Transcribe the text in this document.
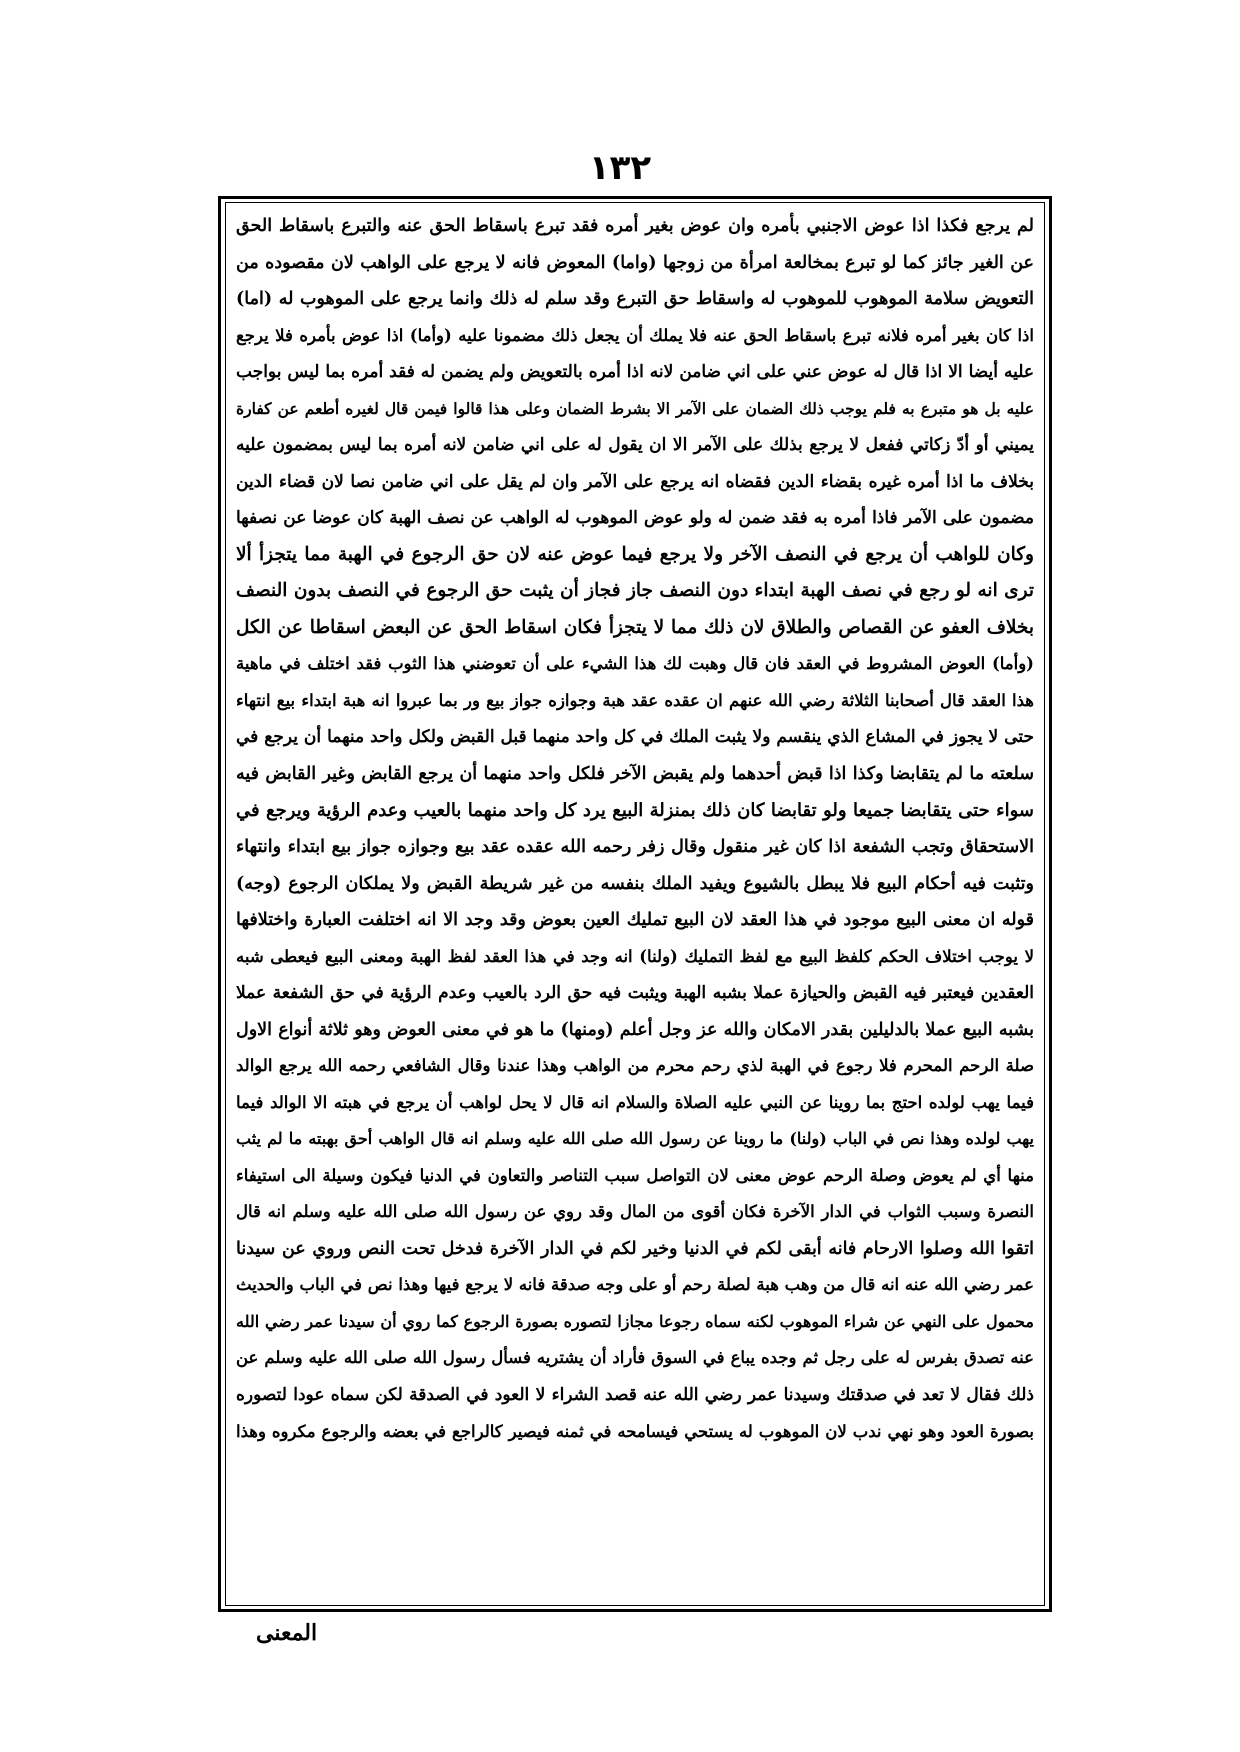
١٣٢
لم يرجع فكذا اذا عوض الاجنبي بأمره وان عوض بغير أمره فقد تبرع باسقاط الحق عنه والتبرع باسقاط الحق
عن الغير جائز كما لو تبرع بمخالعة امرأة من زوجها (واما) المعوض فانه لا يرجع على الواهب لان مقصوده من
التعويض سلامة الموهوب للموهوب له واسقاط حق التبرع وقد سلم له ذلك وانما يرجع على الموهوب له (اما)
اذا كان بغير أمره فلانه تبرع باسقاط الحق عنه فلا يملك أن يجعل ذلك مضمونا عليه (وأما) اذا عوض بأمره فلا يرجع
عليه أيضا الا اذا قال له عوض عني على اني ضامن لانه اذا أمره بالتعويض ولم يضمن له فقد أمره بما ليس بواجب
عليه بل هو متبرع به فلم يوجب ذلك الضمان على الآمر الا بشرط الضمان وعلى هذا قالوا فيمن قال لغيره أطعم عن كفارة
يميني أو أدّ زكاتي ففعل لا يرجع بذلك على الآمر الا ان يقول له على اني ضامن لانه أمره بما ليس بمضمون عليه
بخلاف ما اذا أمره غيره بقضاء الدين فقضاه انه يرجع على الآمر وان لم يقل على اني ضامن نصا لان قضاء الدين
مضمون على الآمر فاذا أمره به فقد ضمن له ولو عوض الموهوب له الواهب عن نصف الهبة كان عوضا عن نصفها
وكان للواهب أن يرجع في النصف الآخر ولا يرجع فيما عوض عنه لان حق الرجوع في الهبة مما يتجزأ ألا
ترى انه لو رجع في نصف الهبة ابتداء دون النصف جاز فجاز أن يثبت حق الرجوع في النصف بدون النصف
بخلاف العفو عن القصاص والطلاق لان ذلك مما لا يتجزأ فكان اسقاط الحق عن البعض اسقاطا عن الكل
(وأما) العوض المشروط في العقد فان قال وهبت لك هذا الشيء على أن تعوضني هذا الثوب فقد اختلف في ماهية
هذا العقد قال أصحابنا الثلاثة رضي الله عنهم ان عقده عقد هبة وجوازه جواز بيع ور بما عبروا انه هبة ابتداء بيع انتهاء
حتى لا يجوز في المشاع الذي ينقسم ولا يثبت الملك في كل واحد منهما قبل القبض ولكل واحد منهما أن يرجع في
سلعته ما لم يتقابضا وكذا اذا قبض أحدهما ولم يقبض الآخر فلكل واحد منهما أن يرجع القابض وغير القابض فيه
سواء حتى يتقابضا جميعا ولو تقابضا كان ذلك بمنزلة البيع يرد كل واحد منهما بالعيب وعدم الرؤية ويرجع في
الاستحقاق وتجب الشفعة اذا كان غير منقول وقال زفر رحمه الله عقده عقد بيع وجوازه جواز بيع ابتداء وانتهاء
وتثبت فيه أحكام البيع فلا يبطل بالشيوع ويفيد الملك بنفسه من غير شريطة القبض ولا يملكان الرجوع (وجه)
قوله ان معنى البيع موجود في هذا العقد لان البيع تمليك العين بعوض وقد وجد الا انه اختلفت العبارة واختلافها
لا يوجب اختلاف الحكم كلفظ البيع مع لفظ التمليك (ولنا) انه وجد في هذا العقد لفظ الهبة ومعنى البيع فيعطى شبه
العقدين فيعتبر فيه القبض والحيازة عملا بشبه الهبة ويثبت فيه حق الرد بالعيب وعدم الرؤية في حق الشفعة عملا
بشبه البيع عملا بالدليلين بقدر الامكان والله عز وجل أعلم (ومنها) ما هو في معنى العوض وهو ثلاثة أنواع الاول
صلة الرحم المحرم فلا رجوع في الهبة لذي رحم محرم من الواهب وهذا عندنا وقال الشافعي رحمه الله يرجع الوالد
فيما يهب لولده احتج بما روينا عن النبي عليه الصلاة والسلام انه قال لا يحل لواهب أن يرجع في هبته الا الوالد فيما
يهب لولده وهذا نص في الباب (ولنا) ما روينا عن رسول الله صلى الله عليه وسلم انه قال الواهب أحق بهبته ما لم يثب
منها أي لم يعوض وصلة الرحم عوض معنى لان التواصل سبب التناصر والتعاون في الدنيا فيكون وسيلة الى استيفاء
النصرة وسبب الثواب في الدار الآخرة فكان أقوى من المال وقد روي عن رسول الله صلى الله عليه وسلم انه قال
اتقوا الله وصلوا الارحام فانه أبقى لكم في الدنيا وخير لكم في الدار الآخرة فدخل تحت النص وروي عن سيدنا
عمر رضي الله عنه انه قال من وهب هبة لصلة رحم أو على وجه صدقة فانه لا يرجع فيها وهذا نص في الباب والحديث
محمول على النهي عن شراء الموهوب لكنه سماه رجوعا مجازا لتصوره بصورة الرجوع كما روي أن سيدنا عمر رضي الله
عنه تصدق بفرس له على رجل ثم وجده يباع في السوق فأراد أن يشتريه فسأل رسول الله صلى الله عليه وسلم عن
ذلك فقال لا تعد في صدقتك وسيدنا عمر رضي الله عنه قصد الشراء لا العود في الصدقة لكن سماه عودا لتصوره
بصورة العود وهو نهي ندب لان الموهوب له يستحي فيسامحه في ثمنه فيصير كالراجع في بعضه والرجوع مكروه وهذا
المعنى
